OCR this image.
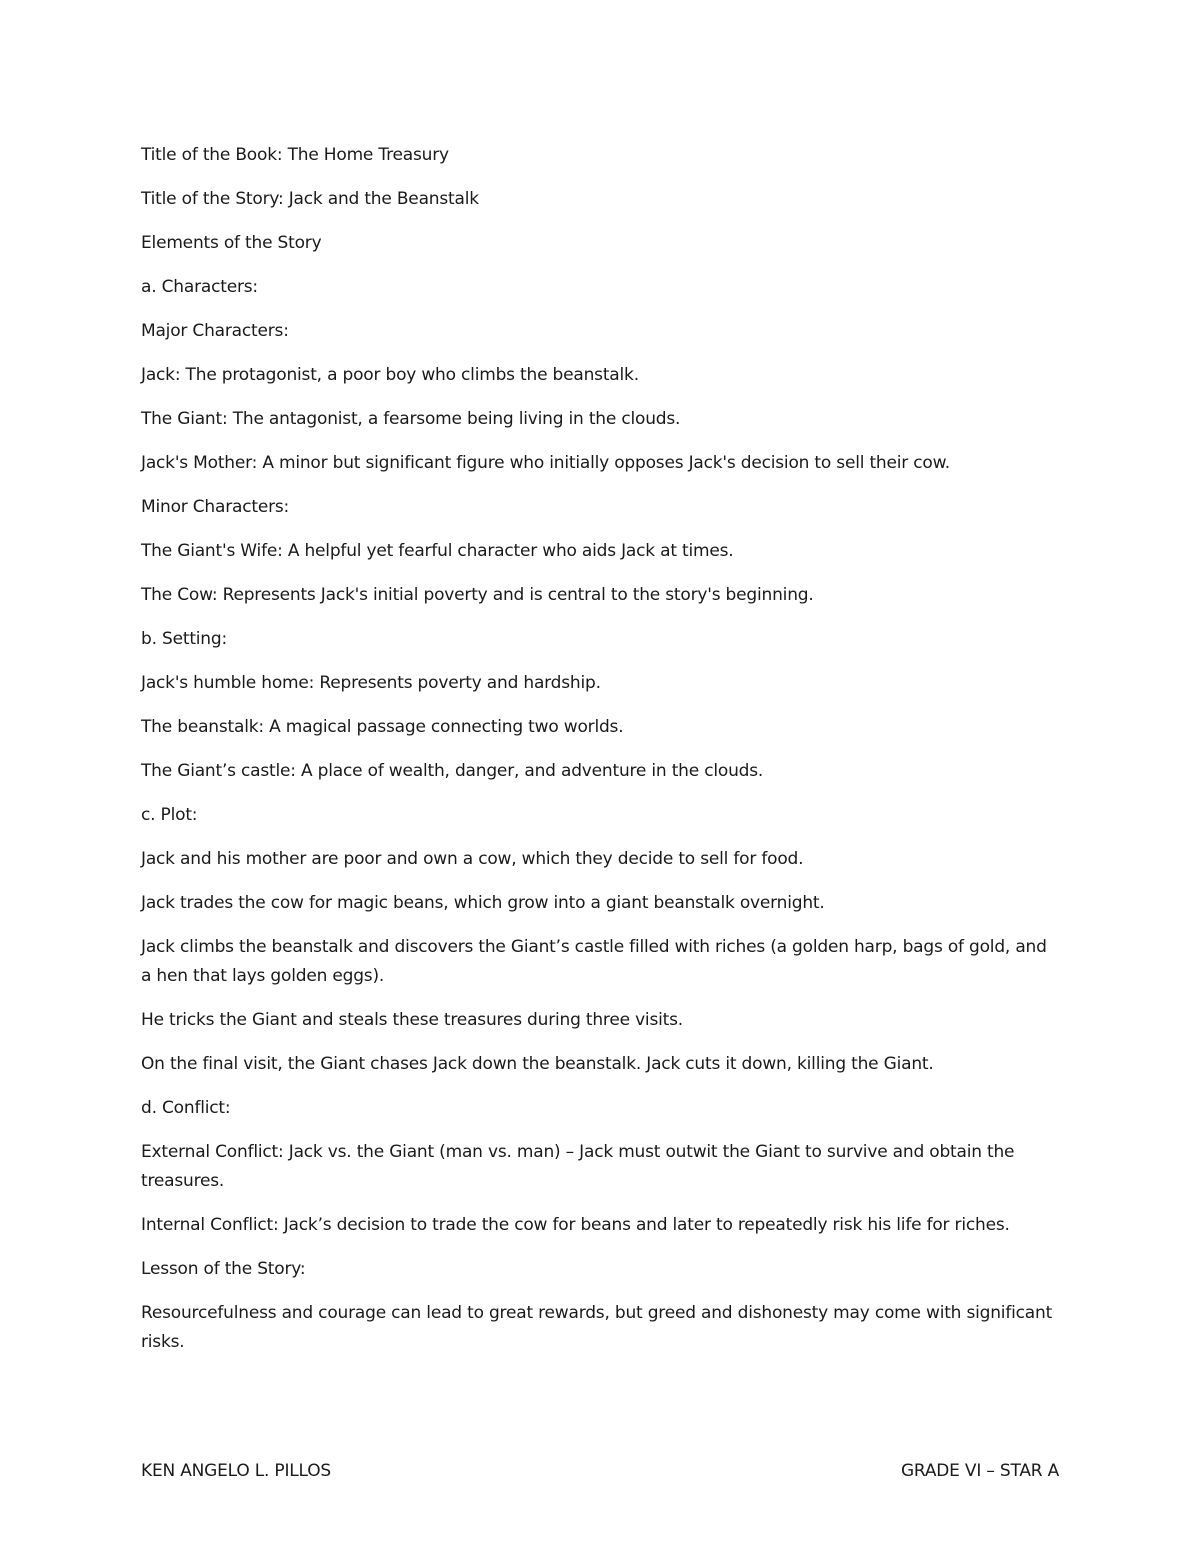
Title of the Book: The Home Treasury

Title of the Story: Jack and the Beanstalk

Elements of the Story

a. Characters:

Major Characters:

Jack: The protagonist, a poor boy who climbs the beanstalk.

The Giant: The antagonist, a fearsome being living in the clouds.

Jack's Mother: A minor but significant figure who initially opposes Jack's decision to sell their cow.

Minor Characters:

The Giant's Wife: A helpful yet fearful character who aids Jack at times.

The Cow: Represents Jack's initial poverty and is central to the story's beginning.

b. Setting:

Jack's humble home: Represents poverty and hardship.

The beanstalk: A magical passage connecting two worlds.

The Giant’s castle: A place of wealth, danger, and adventure in the clouds.

c. Plot:

Jack and his mother are poor and own a cow, which they decide to sell for food.

Jack trades the cow for magic beans, which grow into a giant beanstalk overnight.

Jack climbs the beanstalk and discovers the Giant’s castle filled with riches (a golden harp, bags of gold, and a hen that lays golden eggs).

He tricks the Giant and steals these treasures during three visits.

On the final visit, the Giant chases Jack down the beanstalk. Jack cuts it down, killing the Giant.

d. Conflict:

External Conflict: Jack vs. the Giant (man vs. man) – Jack must outwit the Giant to survive and obtain the treasures.

Internal Conflict: Jack’s decision to trade the cow for beans and later to repeatedly risk his life for riches.

Lesson of the Story:

Resourcefulness and courage can lead to great rewards, but greed and dishonesty may come with significant risks.

KEN ANGELO L. PILLOS	GRADE VI – STAR A
